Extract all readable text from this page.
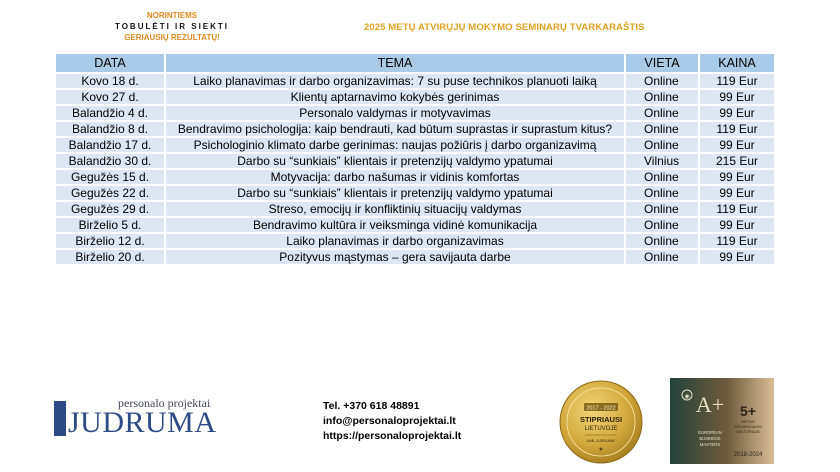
NORINTIEMS
TOBULĖTI IR SIEKTI
GERIAUSIŲ REZULTATŲ!
2025 METŲ ATVIRŲJŲ MOKYMO SEMINARŲ TVARKARAŠTIS
DATA	TEMA	VIETA	KAINA
Kovo 18 d.	Laiko planavimas ir darbo organizavimas: 7 su puse technikos planuoti laiką	Online	119 Eur
Kovo 27 d.	Klientų aptarnavimo kokybės gerinimas	Online	99 Eur
Balandžio 4 d.	Personalo valdymas ir motyvavimas	Online	99 Eur
Balandžio 8 d.	Bendravimo psichologija: kaip bendrauti, kad būtum suprastas ir suprastum kitus?	Online	119 Eur
Balandžio 17 d.	Psichologinio klimato darbe gerinimas: naujas požiūris į darbo organizavimą	Online	99 Eur
Balandžio 30 d.	Darbo su “sunkiais” klientais ir pretenzijų valdymo ypatumai	Vilnius	215 Eur
Gegužės 15 d.	Motyvacija: darbo našumas ir vidinis komfortas	Online	99 Eur
Gegužės 22 d.	Darbo su “sunkiais” klientais ir pretenzijų valdymo ypatumai	Online	99 Eur
Gegužės 29 d.	Streso, emocijų ir konfliktinių situacijų valdymas	Online	119 Eur
Birželio 5 d.	Bendravimo kultūra ir veiksminga vidinė komunikacija	Online	99 Eur
Birželio 12 d.	Laiko planavimas ir darbo organizavimas	Online	119 Eur
Birželio 20 d.	Pozityvus mąstymas – gera savijauta darbe	Online	99 Eur
personalo projektai
JUDRUMA	Tel. +370 618 48891
info@personaloprojektai.lt
https://personaloprojektai.lt
2017 - 2022
STIPRIAUSI
LIETUVOJE
UAB „JUDRUMA“
★
◉ A+ 5+
METUS
SĖKMINGIAUSI
SEKTORIUJE
EUROPEAN
BUSINESS
MASTERS
2018-2024
